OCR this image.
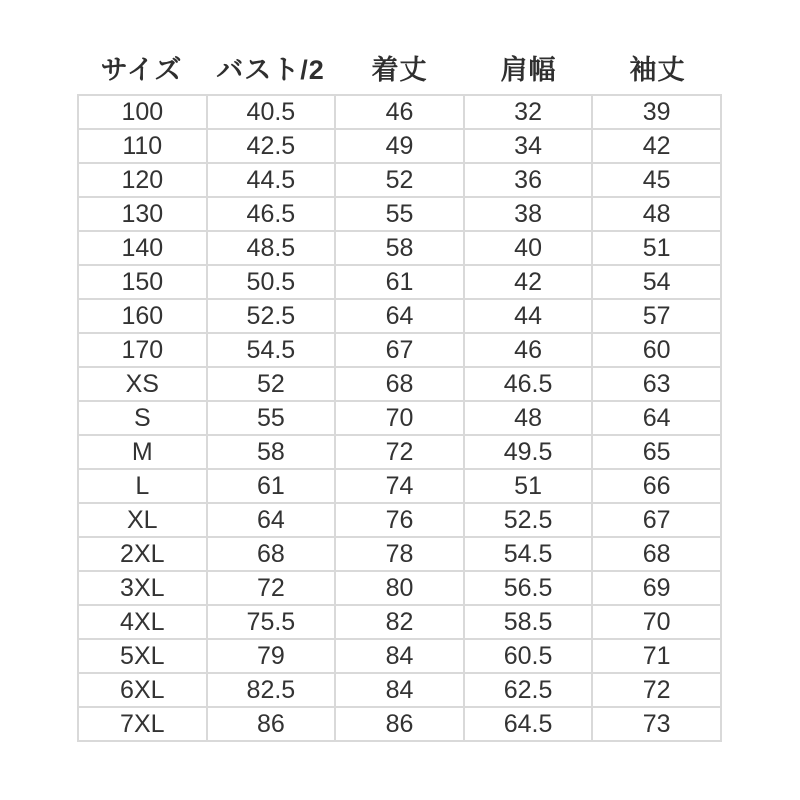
サイズ	バスト/2	着丈	肩幅	袖丈
100	40.5	46	32	39
110	42.5	49	34	42
120	44.5	52	36	45
130	46.5	55	38	48
140	48.5	58	40	51
150	50.5	61	42	54
160	52.5	64	44	57
170	54.5	67	46	60
XS	52	68	46.5	63
S	55	70	48	64
M	58	72	49.5	65
L	61	74	51	66
XL	64	76	52.5	67
2XL	68	78	54.5	68
3XL	72	80	56.5	69
4XL	75.5	82	58.5	70
5XL	79	84	60.5	71
6XL	82.5	84	62.5	72
7XL	86	86	64.5	73
